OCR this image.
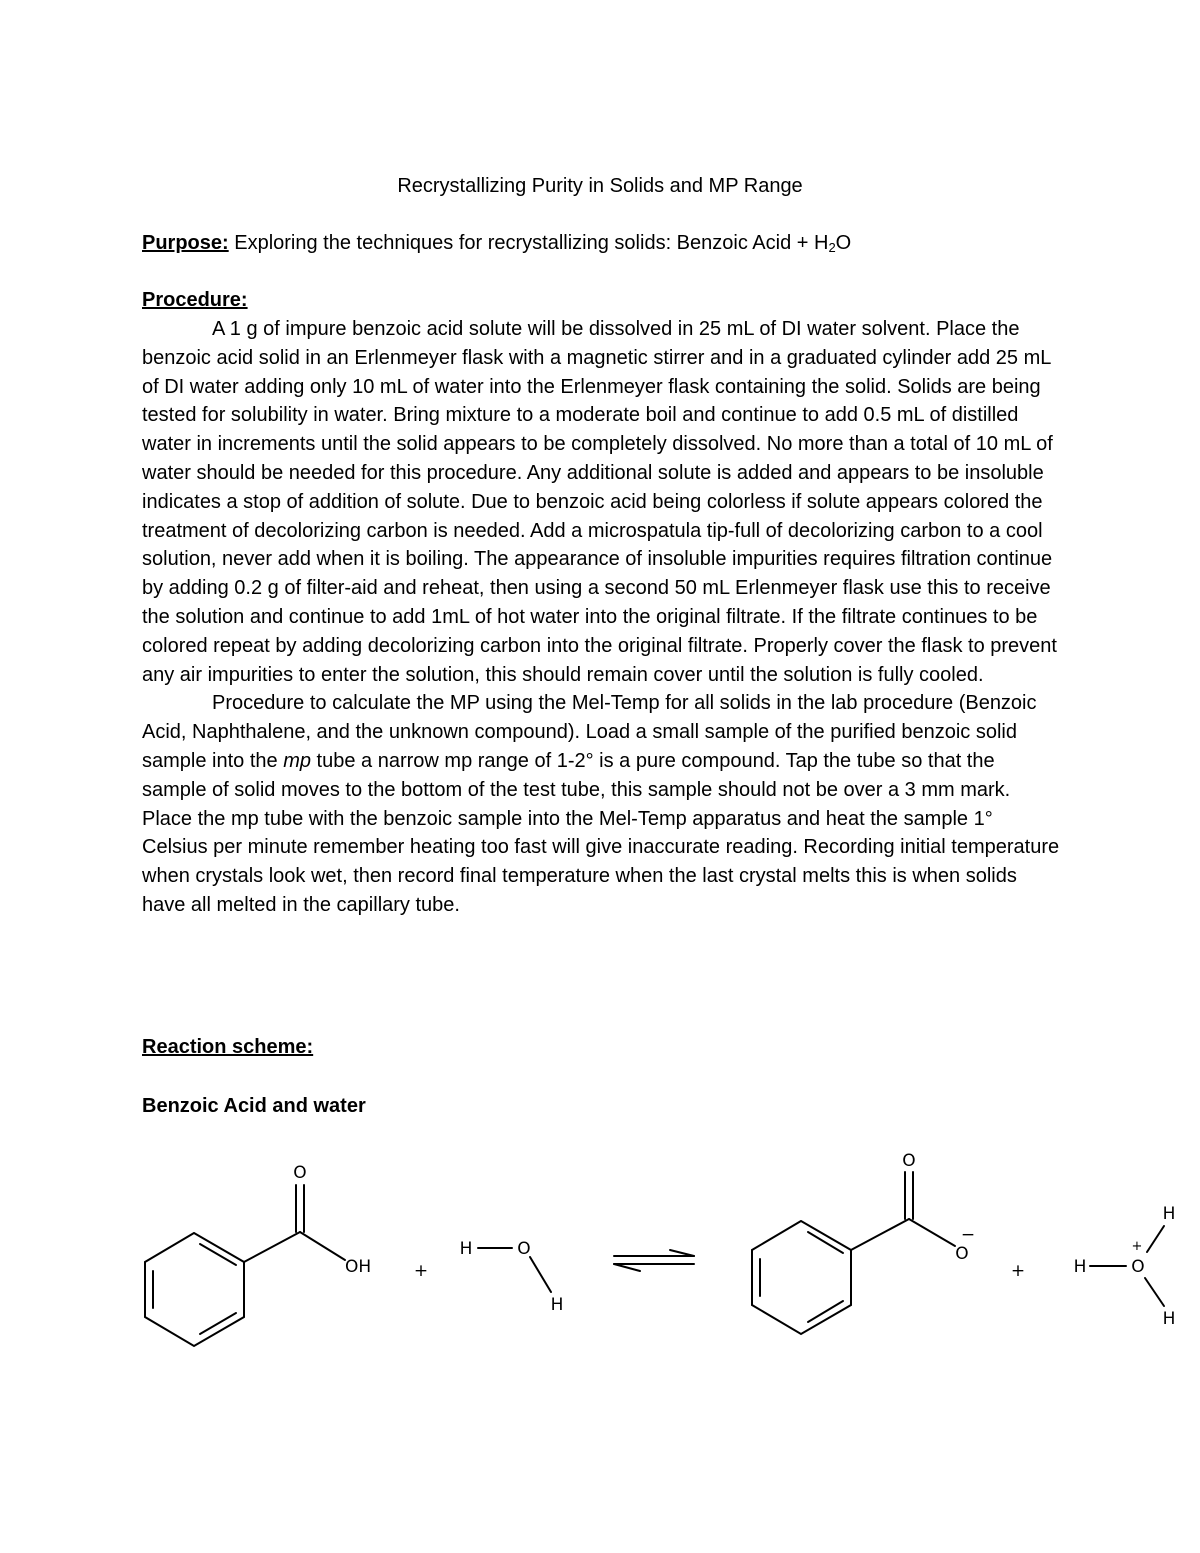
Recrystallizing Purity in Solids and MP Range
Purpose: Exploring the techniques for recrystallizing solids: Benzoic Acid + $H_2O$
Procedure:

A 1 g of impure benzoic acid solute will be dissolved in 25 mL of DI water solvent. Place the benzoic acid solid in an Erlenmeyer flask with a magnetic stirrer and in a graduated cylinder add 25 mL of DI water adding only 10 mL of water into the Erlenmeyer flask containing the solid. Solids are being tested for solubility in water. Bring mixture to a moderate boil and continue to add 0.5 mL of distilled water in increments until the solid appears to be completely dissolved. No more than a total of 10 mL of water should be needed for this procedure. Any additional solute is added and appears to be insoluble indicates a stop of addition of solute. Due to benzoic acid being colorless if solute appears colored the treatment of decolorizing carbon is needed. Add a microspatula tip-full of decolorizing carbon to a cool solution, never add when it is boiling. The appearance of insoluble impurities requires filtration continue by adding 0.2 g of filter-aid and reheat, then using a second 50 mL Erlenmeyer flask use this to receive the solution and continue to add 1mL of hot water into the original filtrate. If the filtrate continues to be colored repeat by adding decolorizing carbon into the original filtrate. Properly cover the flask to prevent any air impurities to enter the solution, this should remain cover until the solution is fully cooled.

Procedure to calculate the MP using the Mel-Temp for all solids in the lab procedure (Benzoic Acid, Naphthalene, and the unknown compound). Load a small sample of the purified benzoic solid sample into the mp tube a narrow mp range of 1-2° is a pure compound. Tap the tube so that the sample of solid moves to the bottom of the test tube, this sample should not be over a 3 mm mark. Place the mp tube with the benzoic sample into the Mel-Temp apparatus and heat the sample 1° Celsius per minute remember heating too fast will give inaccurate reading. Recording initial temperature when crystals look wet, then record final temperature when the last crystal melts this is when solids have all melted in the capillary tube.

Reaction scheme:
Benzoic Acid and water
O
OH	+
H	O
H
O
O
−
+
H
H	O
+
H
